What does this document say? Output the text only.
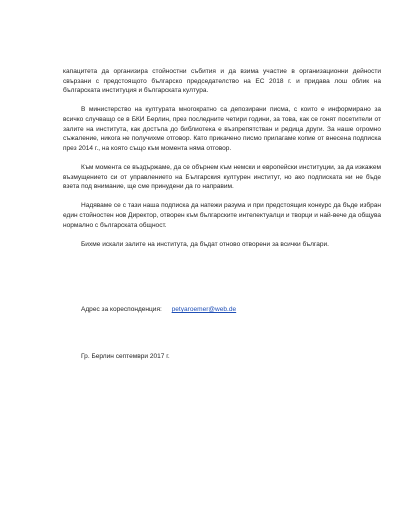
капацитета да организира стойностни събития и да взима участие в организационни дейности свързани с предстоящото българско председателство на ЕС 2018 г. и придава лош облик на българската институция и българската култура.

В министерство на културата многократно са депозирани писма, с които е информирано за всичко случващо се в БКИ Берлин, през последните четири години, за това, как се гонят посетители от залите на института, как достъпа до библиотека е възпрепятстван и редица други. За наше огромно съжаление, никога не получихме отговор. Като прикачено писмо прилагаме копие от внесена подписка през 2014 г., на която също към момента няма отговор.

Към момента се въздържаме, да се обърнем към немски и европейски институции, за да изкажем възмущението си от управлението на Българския културен институт, но ако подписката ни не бъде взета под внимание, ще сме принудени да го направим.

Надяваме се с тази наша подписка да натежи разума и при предстоящия конкурс да бъде избран един стойностен нов Директор, отворен към българските интелектуалци и творци и най-вече да общува нормално с българската общност.

Бихме искали залите на института, да бъдат отново отворени за всички българи.

Адрес за кореспонденция: petyaroemer@web.de
Гр. Берлин септември 2017 г.
